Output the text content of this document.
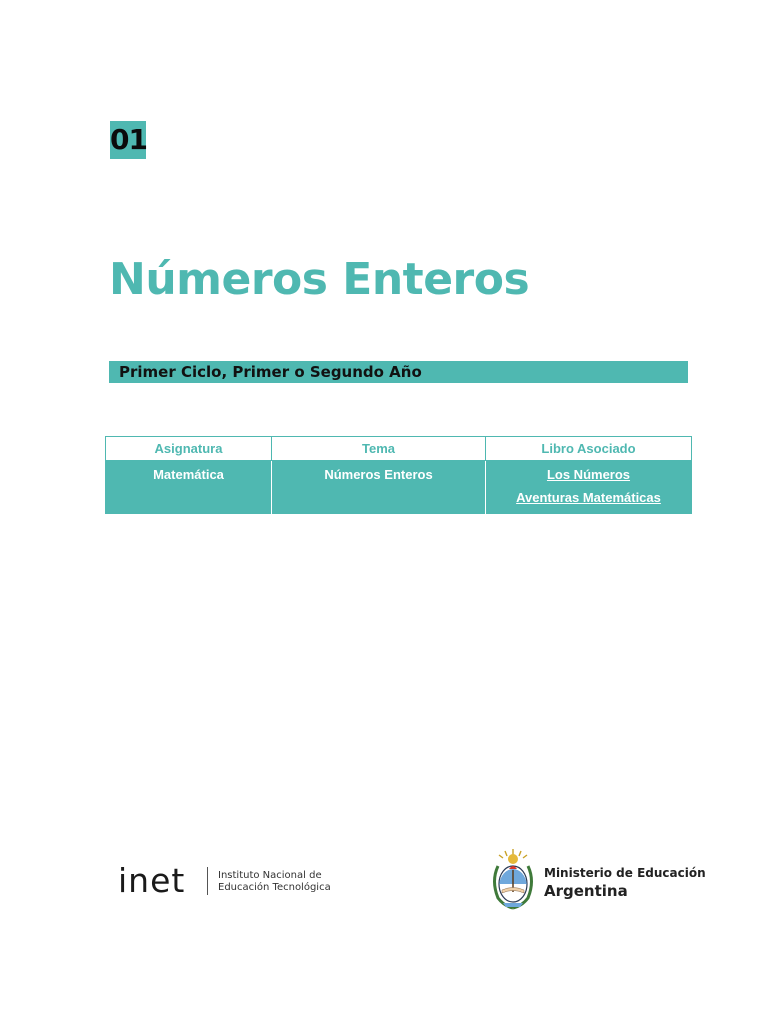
01
Números Enteros
Primer Ciclo, Primer o Segundo Año
Asignatura	Tema	Libro Asociado

Matemática	Números Enteros	Los Números
Aventuras Matemáticas
inet	Instituto Nacional de
Educación Tecnológica
Ministerio de Educación
Argentina
